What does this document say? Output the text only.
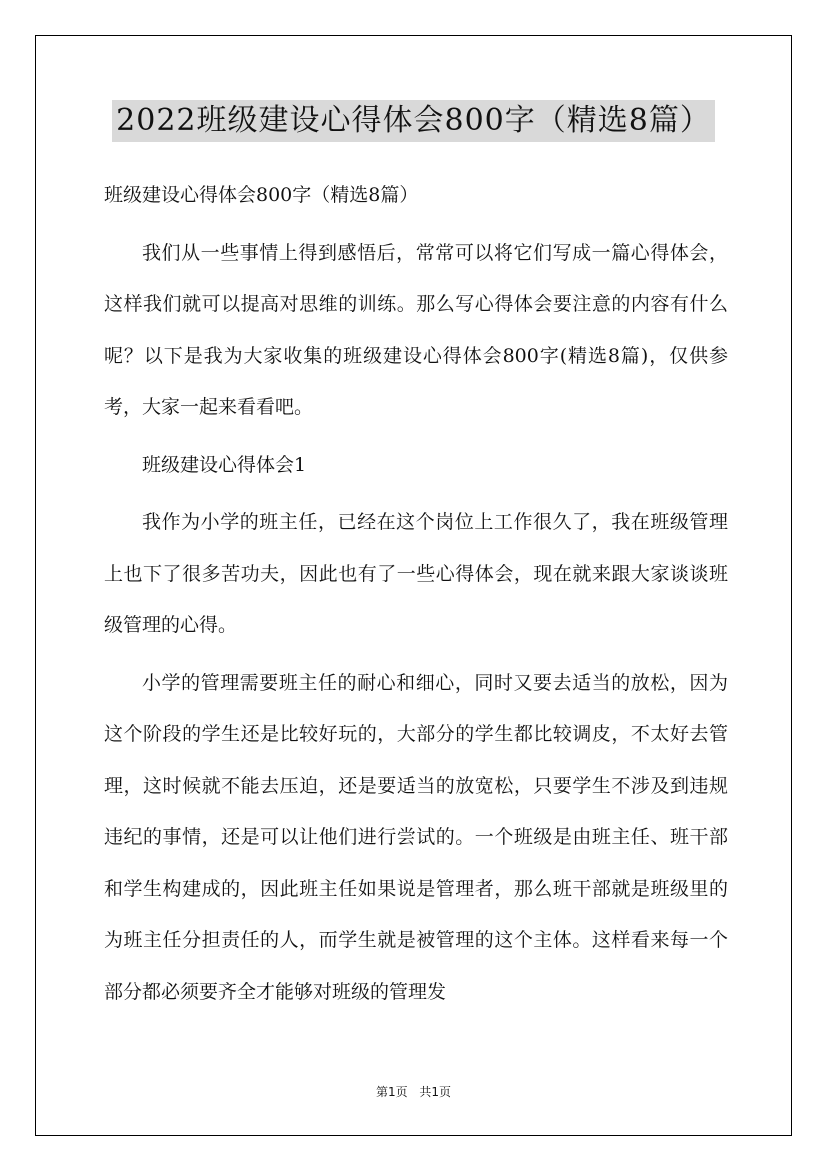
2022班级建设心得体会800字（精选8篇）

班级建设心得体会800字（精选8篇）

我们从一些事情上得到感悟后，常常可以将它们写成一篇心得体会，这样我们就可以提高对思维的训练。那么写心得体会要注意的内容有什么呢？以下是我为大家收集的班级建设心得体会800字(精选8篇)，仅供参考，大家一起来看看吧。

班级建设心得体会1

我作为小学的班主任，已经在这个岗位上工作很久了，我在班级管理上也下了很多苦功夫，因此也有了一些心得体会，现在就来跟大家谈谈班级管理的心得。

小学的管理需要班主任的耐心和细心，同时又要去适当的放松，因为这个阶段的学生还是比较好玩的，大部分的学生都比较调皮，不太好去管理，这时候就不能去压迫，还是要适当的放宽松，只要学生不涉及到违规违纪的事情，还是可以让他们进行尝试的。一个班级是由班主任、班干部和学生构建成的，因此班主任如果说是管理者，那么班干部就是班级里的为班主任分担责任的人，而学生就是被管理的这个主体。这样看来每一个部分都必须要齐全才能够对班级的管理发

第1页 共1页
